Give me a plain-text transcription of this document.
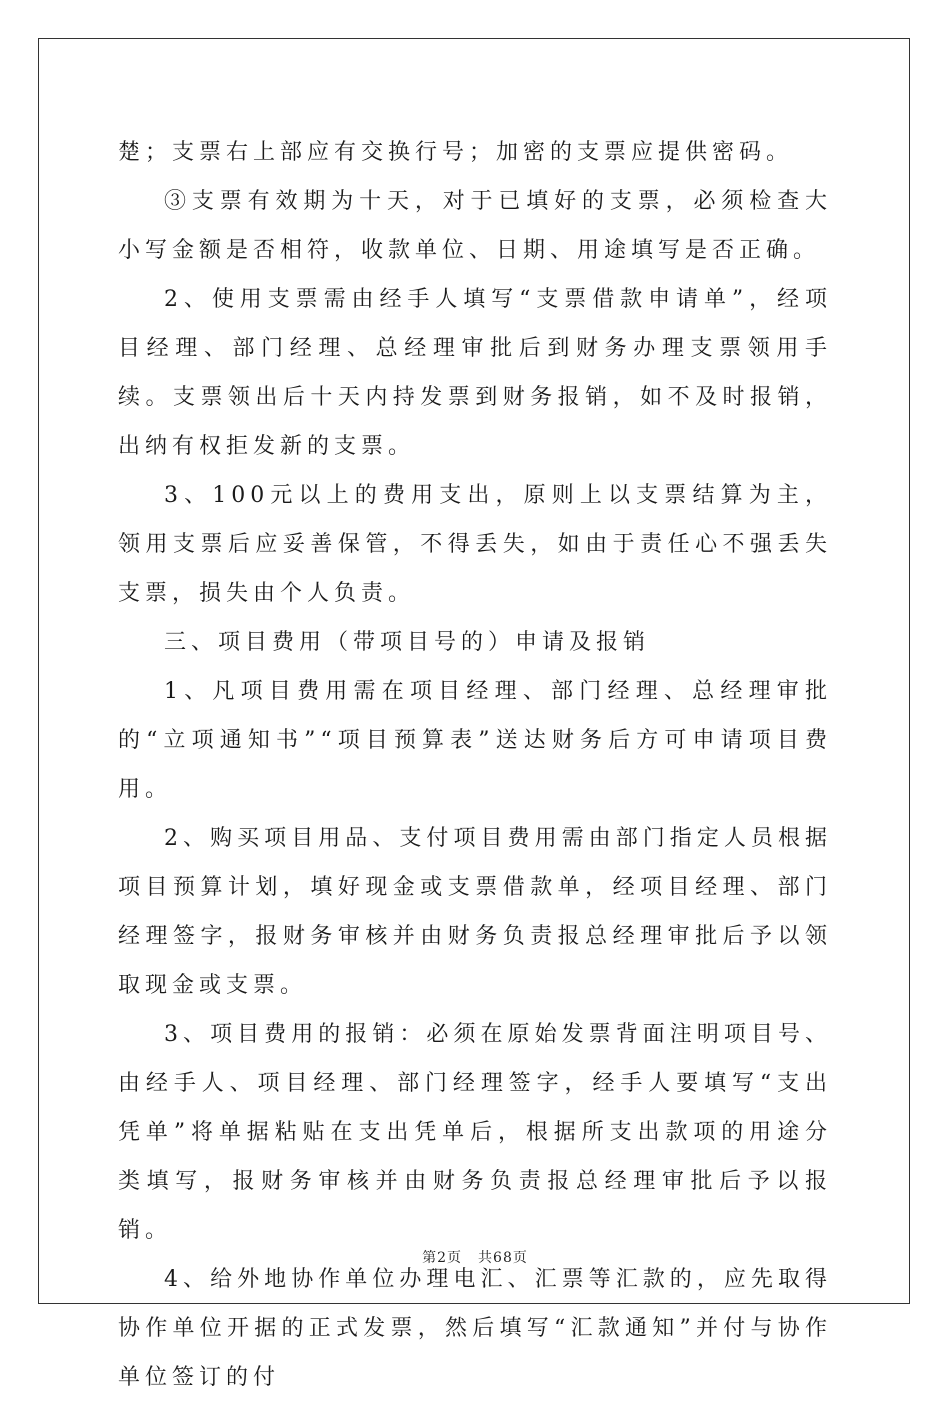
楚；支票右上部应有交换行号；加密的支票应提供密码。

③支票有效期为十天，对于已填好的支票，必须检查大小写金额是否相符，收款单位、日期、用途填写是否正确。

2、使用支票需由经手人填写“支票借款申请单”，经项目经理、部门经理、总经理审批后到财务办理支票领用手续。支票领出后十天内持发票到财务报销，如不及时报销，出纳有权拒发新的支票。

3、100元以上的费用支出，原则上以支票结算为主，领用支票后应妥善保管，不得丢失，如由于责任心不强丢失支票，损失由个人负责。

三、项目费用（带项目号的）申请及报销

1、凡项目费用需在项目经理、部门经理、总经理审批的“立项通知书”“项目预算表”送达财务后方可申请项目费用。

2、购买项目用品、支付项目费用需由部门指定人员根据项目预算计划，填好现金或支票借款单，经项目经理、部门经理签字，报财务审核并由财务负责报总经理审批后予以领取现金或支票。

3、项目费用的报销：必须在原始发票背面注明项目号、由经手人、项目经理、部门经理签字，经手人要填写“支出凭单”将单据粘贴在支出凭单后，根据所支出款项的用途分类填写，报财务审核并由财务负责报总经理审批后予以报销。

4、给外地协作单位办理电汇、汇票等汇款的，应先取得协作单位开据的正式发票，然后填写“汇款通知”并付与协作单位签订的付

第2页 共68页
